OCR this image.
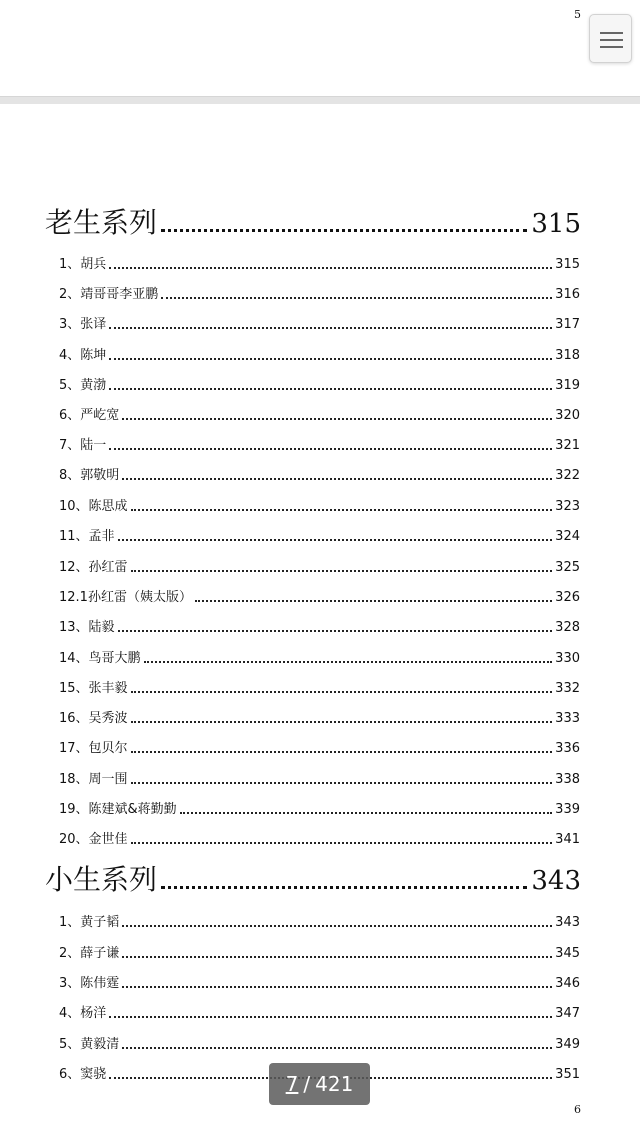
5
老生系列	315
1、胡兵	315
2、靖哥哥李亚鹏	316
3、张译	317
4、陈坤	318
5、黄渤	319
6、严屹宽	320
7、陆一	321
8、郭敬明	322
10、陈思成	323
11、孟非	324
12、孙红雷	325
12.1孙红雷（姨太版）	326
13、陆毅	328
14、鸟哥大鹏	330
15、张丰毅	332
16、吴秀波	333
17、包贝尔	336
18、周一围	338
19、陈建斌&蒋勤勤	339
20、金世佳	341
小生系列	343
1、黄子韬	343
2、薛子谦	345
3、陈伟霆	346
4、杨洋	347
5、黄毅清	349
6、窦骁	351
7 / 421
6
